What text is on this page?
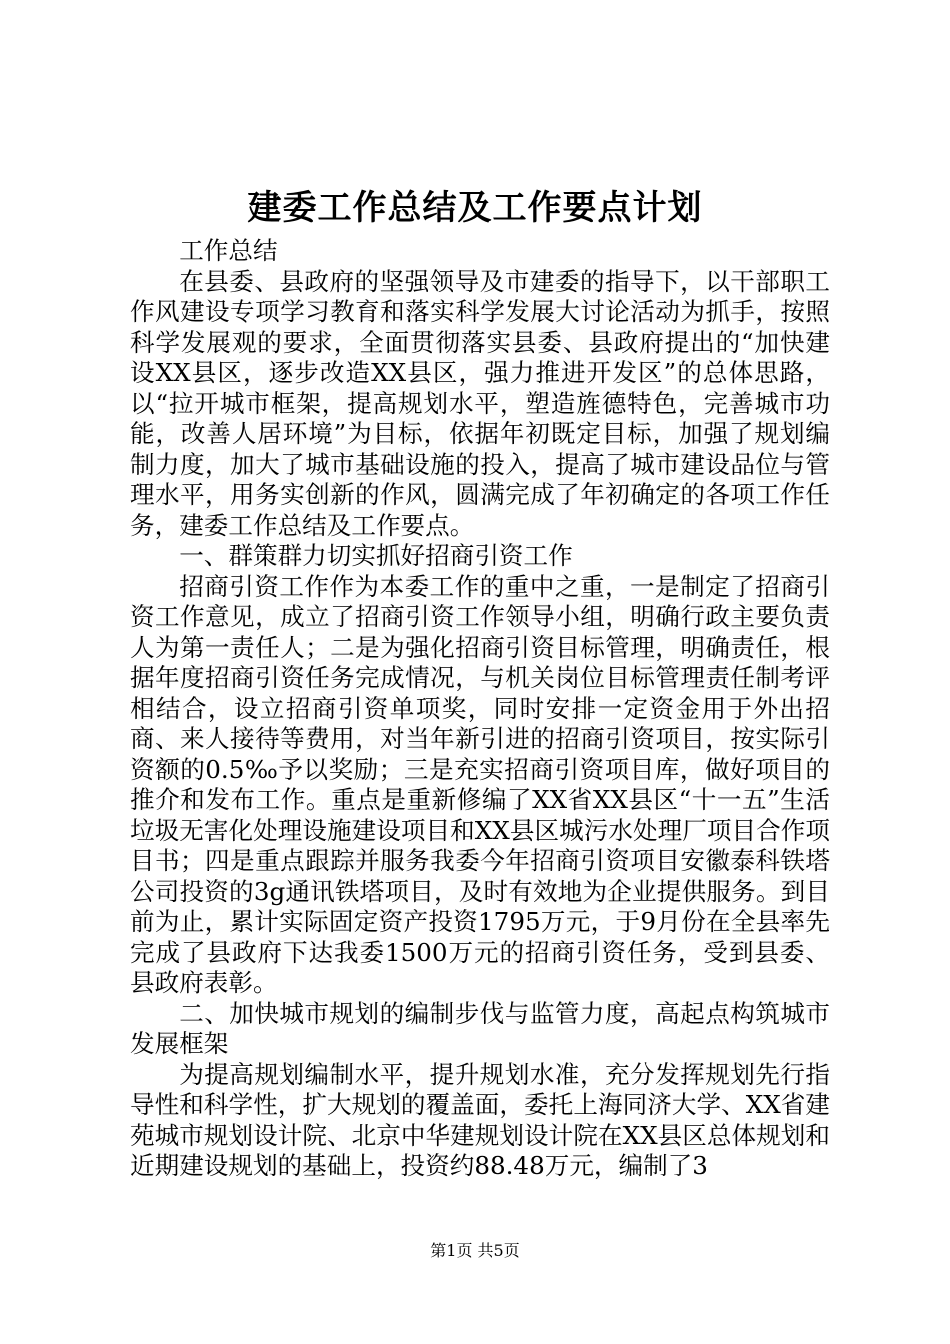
建委工作总结及工作要点计划

工作总结

在县委、县政府的坚强领导及市建委的指导下，以干部职工作风建设专项学习教育和落实科学发展大讨论活动为抓手，按照科学发展观的要求，全面贯彻落实县委、县政府提出的“加快建设XX县区，逐步改造XX县区，强力推进开发区”的总体思路，以“拉开城市框架，提高规划水平，塑造旌德特色，完善城市功能，改善人居环境”为目标，依据年初既定目标，加强了规划编制力度，加大了城市基础设施的投入，提高了城市建设品位与管理水平，用务实创新的作风，圆满完成了年初确定的各项工作任务，建委工作总结及工作要点。

一、群策群力切实抓好招商引资工作

招商引资工作作为本委工作的重中之重，一是制定了招商引资工作意见，成立了招商引资工作领导小组，明确行政主要负责人为第一责任人；二是为强化招商引资目标管理，明确责任，根据年度招商引资任务完成情况，与机关岗位目标管理责任制考评相结合，设立招商引资单项奖，同时安排一定资金用于外出招商、来人接待等费用，对当年新引进的招商引资项目，按实际引资额的0.5‰予以奖励；三是充实招商引资项目库，做好项目的推介和发布工作。重点是重新修编了XX省XX县区“十一五”生活垃圾无害化处理设施建设项目和XX县区城污水处理厂项目合作项目书；四是重点跟踪并服务我委今年招商引资项目安徽泰科铁塔公司投资的3g通讯铁塔项目，及时有效地为企业提供服务。到目前为止，累计实际固定资产投资1795万元，于9月份在全县率先完成了县政府下达我委1500万元的招商引资任务，受到县委、县政府表彰。

二、加快城市规划的编制步伐与监管力度，高起点构筑城市发展框架

为提高规划编制水平，提升规划水准，充分发挥规划先行指导性和科学性，扩大规划的覆盖面，委托上海同济大学、XX省建苑城市规划设计院、北京中华建规划设计院在XX县区总体规划和近期建设规划的基础上，投资约88.48万元，编制了3

第1页 共5页
